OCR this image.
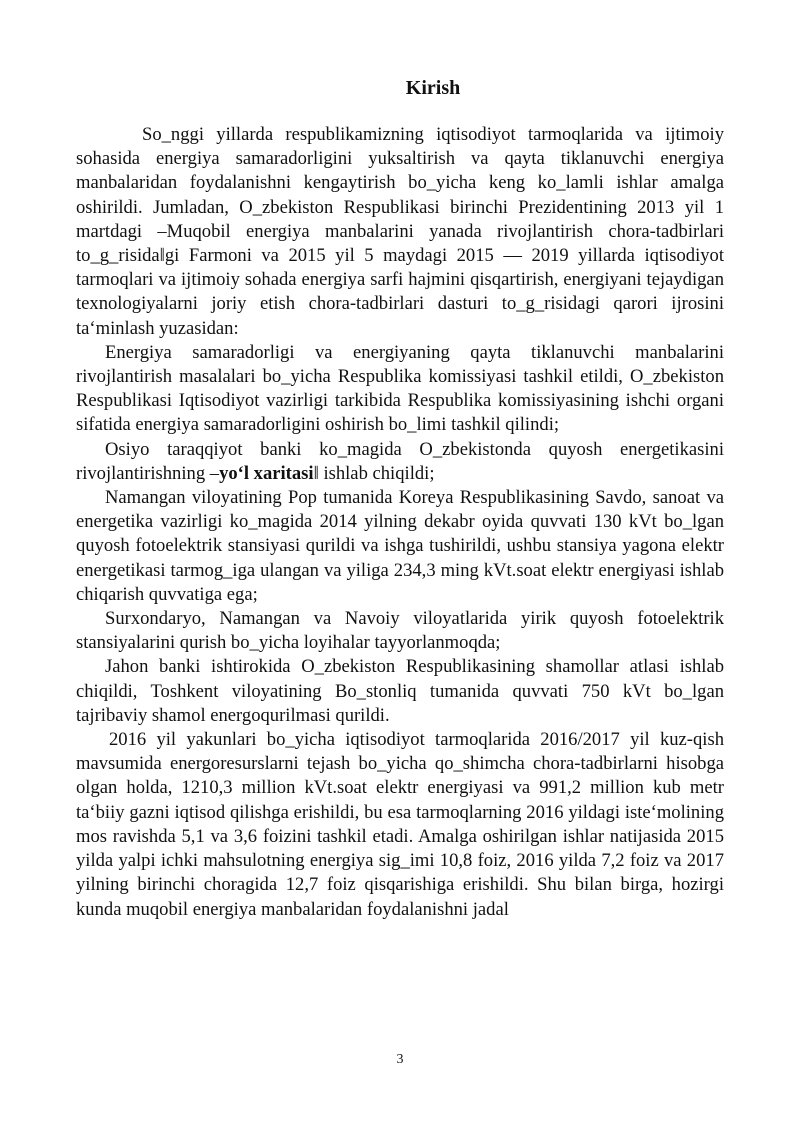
Kirish

So_nggi yillarda respublikamizning iqtisodiyot tarmoqlarida va ijtimoiy sohasida energiya samaradorligini yuksaltirish va qayta tiklanuvchi energiya manbalaridan foydalanishni kengaytirish bo_yicha keng ko_lamli ishlar amalga oshirildi. Jumladan, O_zbekiston Respublikasi birinchi Prezidentining 2013 yil 1 martdagi –Muqobil energiya manbalarini yanada rivojlantirish chora-tadbirlari to_g_risida‖gi Farmoni va 2015 yil 5 maydagi 2015 — 2019 yillarda iqtisodiyot tarmoqlari va ijtimoiy sohada energiya sarfi hajmini qisqartirish, energiyani tejaydigan texnologiyalarni joriy etish chora-tadbirlari dasturi to_g_risidagi qarori ijrosini ta‘minlash yuzasidan:

Energiya samaradorligi va energiyaning qayta tiklanuvchi manbalarini rivojlantirish masalalari bo_yicha Respublika komissiyasi tashkil etildi, O_zbekiston Respublikasi Iqtisodiyot vazirligi tarkibida Respublika komissiyasining ishchi organi sifatida energiya samaradorligini oshirish bo_limi tashkil qilindi;

Osiyo taraqqiyot banki ko_magida O_zbekistonda quyosh energetikasini rivojlantirishning –yo‘l xaritasi‖ ishlab chiqildi;

Namangan viloyatining Pop tumanida Koreya Respublikasining Savdo, sanoat va energetika vazirligi ko_magida 2014 yilning dekabr oyida quvvati 130 kVt bo_lgan quyosh fotoelektrik stansiyasi qurildi va ishga tushirildi, ushbu stansiya yagona elektr energetikasi tarmog_iga ulangan va yiliga 234,3 ming kVt.soat elektr energiyasi ishlab chiqarish quvvatiga ega;

Surxondaryo, Namangan va Navoiy viloyatlarida yirik quyosh fotoelektrik stansiyalarini qurish bo_yicha loyihalar tayyorlanmoqda;

Jahon banki ishtirokida O_zbekiston Respublikasining shamollar atlasi ishlab chiqildi, Toshkent viloyatining Bo_stonliq tumanida quvvati 750 kVt bo_lgan tajribaviy shamol energoqurilmasi qurildi.

2016 yil yakunlari bo_yicha iqtisodiyot tarmoqlarida 2016/2017 yil kuz-qish mavsumida energoresurslarni tejash bo_yicha qo_shimcha chora-tadbirlarni hisobga olgan holda, 1210,3 million kVt.soat elektr energiyasi va 991,2 million kub metr ta‘biiy gazni iqtisod qilishga erishildi, bu esa tarmoqlarning 2016 yildagi iste‘molining mos ravishda 5,1 va 3,6 foizini tashkil etadi. Amalga oshirilgan ishlar natijasida 2015 yilda yalpi ichki mahsulotning energiya sig_imi 10,8 foiz, 2016 yilda 7,2 foiz va 2017 yilning birinchi choragida 12,7 foiz qisqarishiga erishildi. Shu bilan birga, hozirgi kunda muqobil energiya manbalaridan foydalanishni jadal

3
